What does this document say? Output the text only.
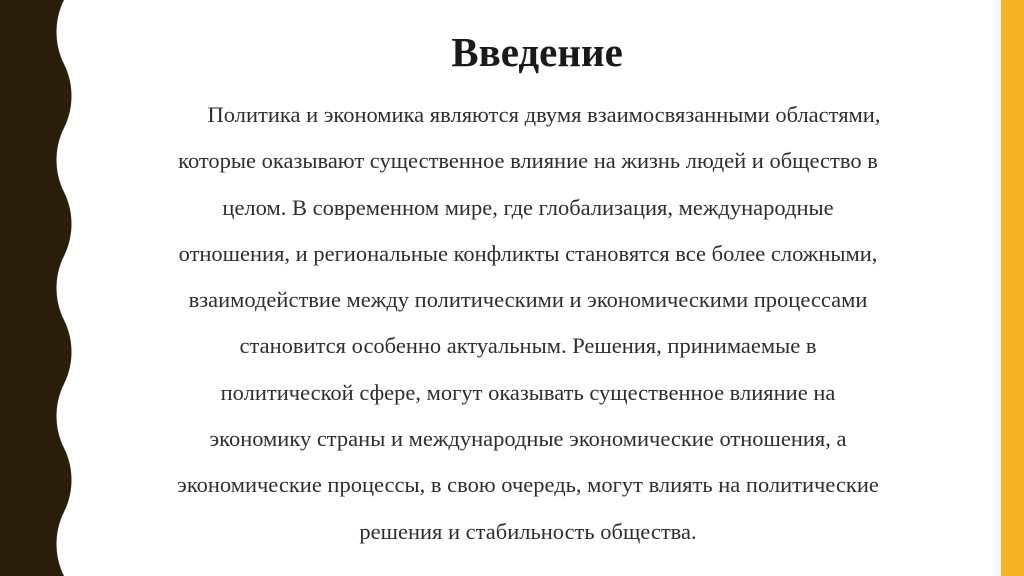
Введение
Политика и экономика являются двумя взаимосвязанными областями,
которые оказывают существенное влияние на жизнь людей и общество в
целом. В современном мире, где глобализация, международные
отношения, и региональные конфликты становятся все более сложными,
взаимодействие между политическими и экономическими процессами
становится особенно актуальным. Решения, принимаемые в
политической сфере, могут оказывать существенное влияние на
экономику страны и международные экономические отношения, а
экономические процессы, в свою очередь, могут влиять на политические
решения и стабильность общества.
